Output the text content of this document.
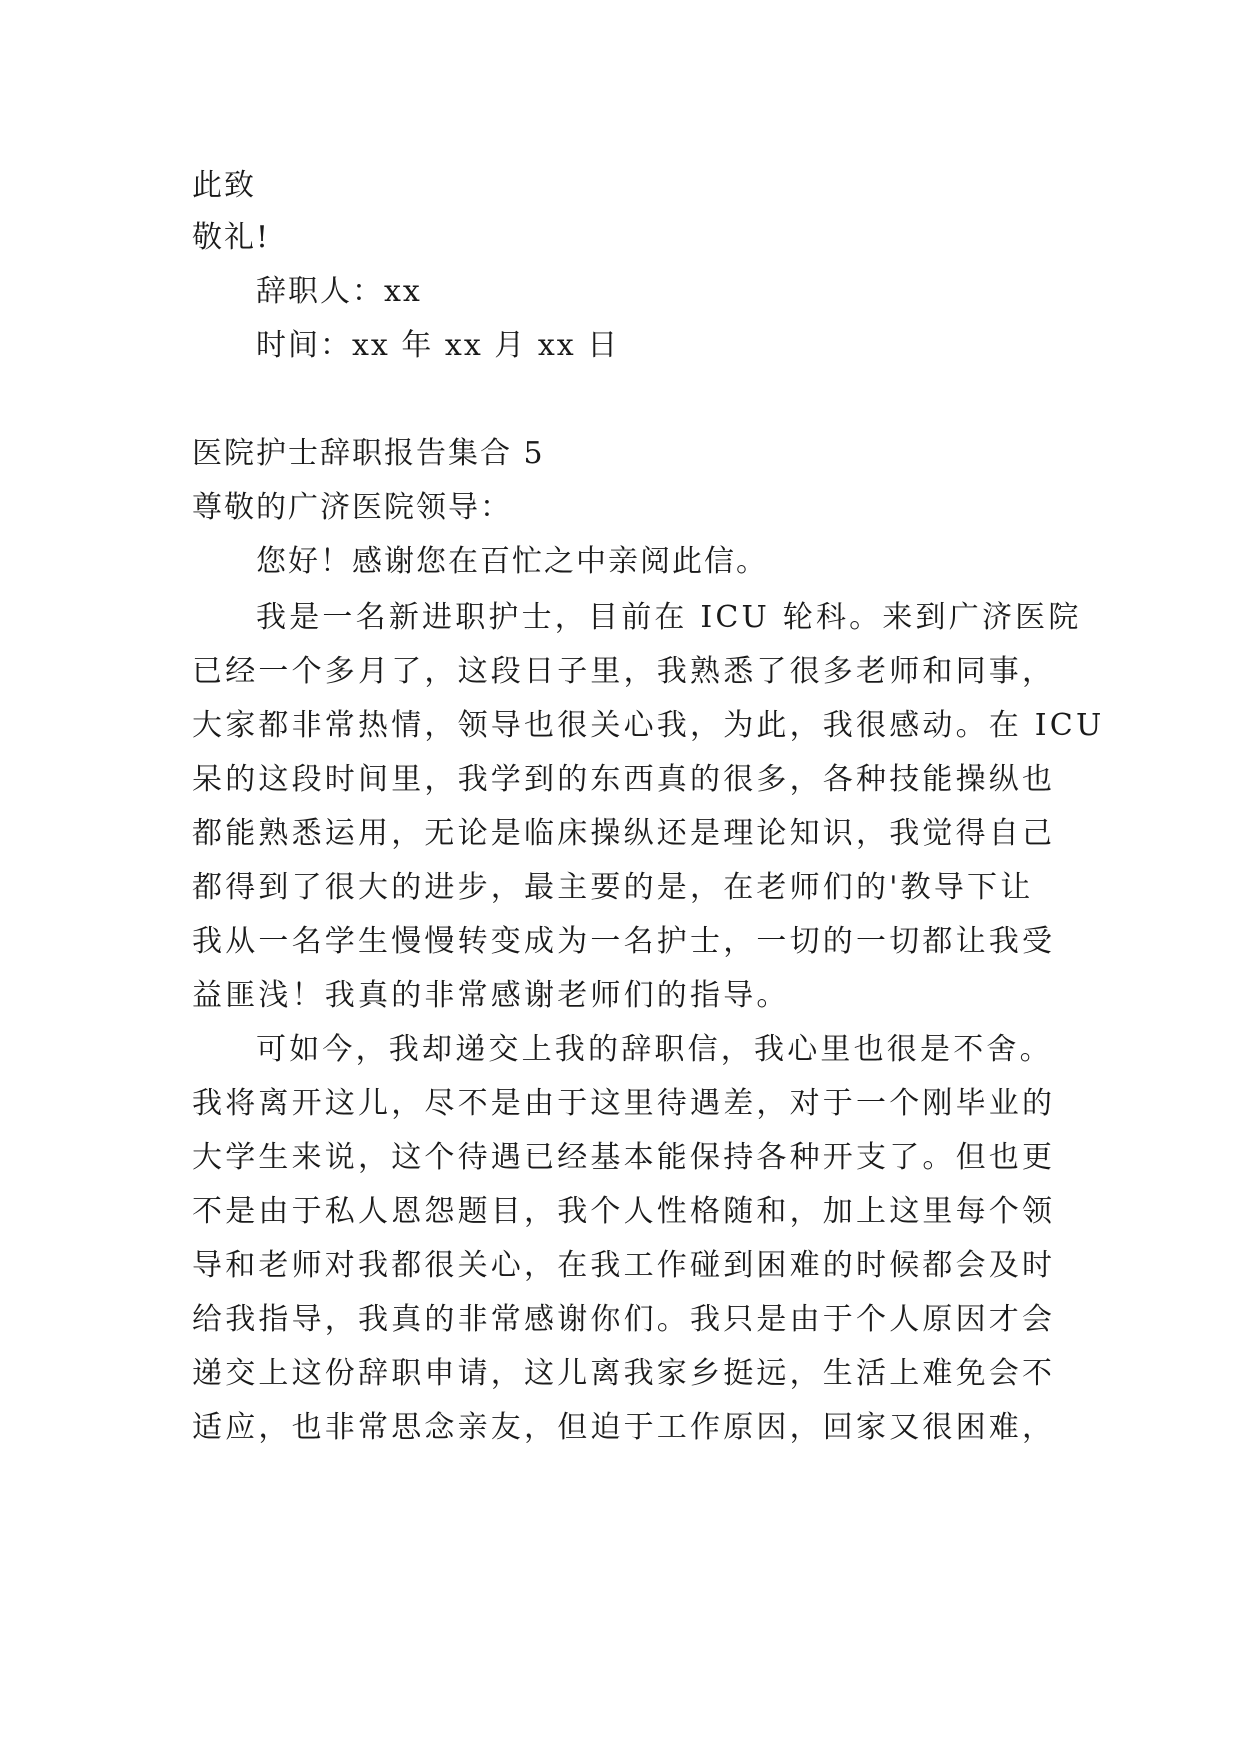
此致
敬礼!
辞职人：xx
时间：xx 年 xx 月 xx 日
医院护士辞职报告集合 5
尊敬的广济医院领导：
您好！感谢您在百忙之中亲阅此信。
我是一名新进职护士，目前在 ICU 轮科。来到广济医院
已经一个多月了，这段日子里，我熟悉了很多老师和同事，
大家都非常热情，领导也很关心我，为此，我很感动。在 ICU
呆的这段时间里，我学到的东西真的很多，各种技能操纵也
都能熟悉运用，无论是临床操纵还是理论知识，我觉得自己
都得到了很大的进步，最主要的是，在老师们的'教导下让
我从一名学生慢慢转变成为一名护士，一切的一切都让我受
益匪浅！我真的非常感谢老师们的指导。
可如今，我却递交上我的辞职信，我心里也很是不舍。
我将离开这儿，尽不是由于这里待遇差，对于一个刚毕业的
大学生来说，这个待遇已经基本能保持各种开支了。但也更
不是由于私人恩怨题目，我个人性格随和，加上这里每个领
导和老师对我都很关心，在我工作碰到困难的时候都会及时
给我指导，我真的非常感谢你们。我只是由于个人原因才会
递交上这份辞职申请，这儿离我家乡挺远，生活上难免会不
适应，也非常思念亲友，但迫于工作原因，回家又很困难，
